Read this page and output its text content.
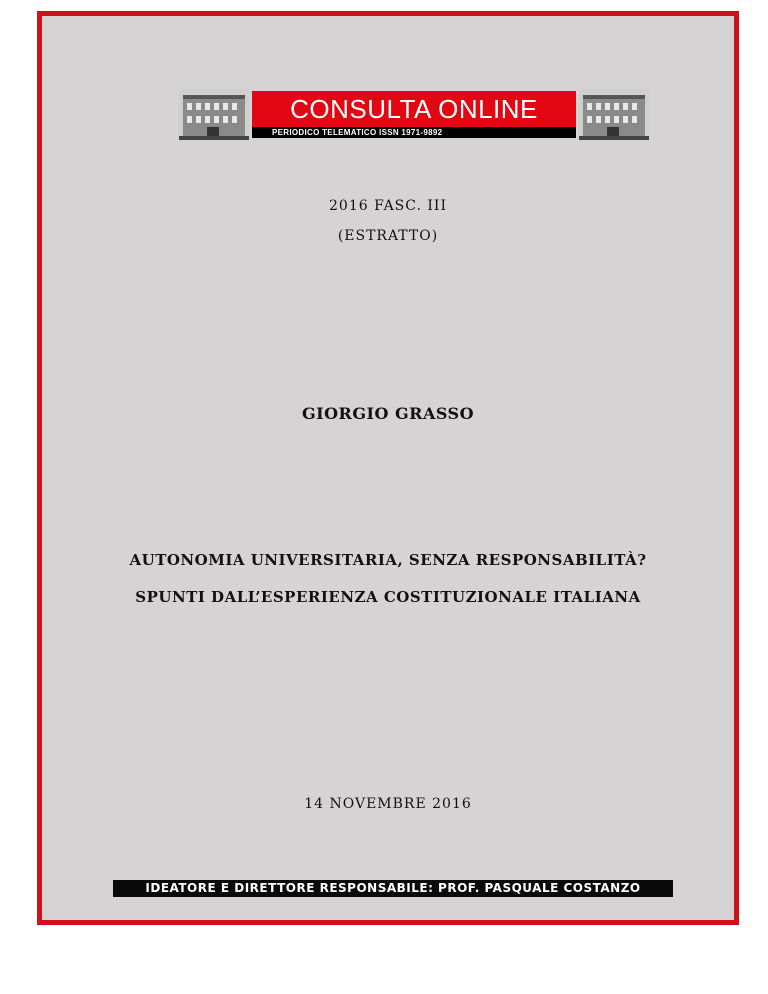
CONSULTA ONLINE
PERIODICO TELEMATICO ISSN 1971-9892
2016 FASC. III
(ESTRATTO)
GIORGIO GRASSO
AUTONOMIA UNIVERSITARIA, SENZA RESPONSABILITÀ?
SPUNTI DALL’ESPERIENZA COSTITUZIONALE ITALIANA
14 NOVEMBRE 2016
IDEATORE E DIRETTORE RESPONSABILE: PROF. PASQUALE COSTANZO
